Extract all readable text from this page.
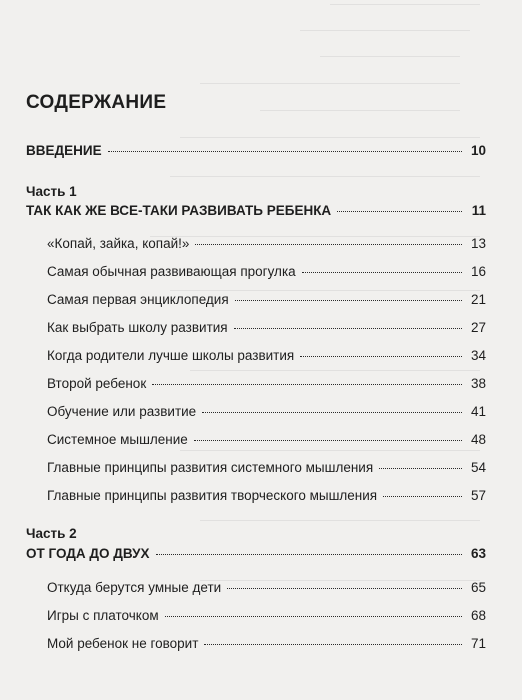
СОДЕРЖАНИЕ
ВВЕДЕНИЕ	10
Часть 1
ТАК КАК ЖЕ ВСЕ-ТАКИ РАЗВИВАТЬ РЕБЕНКА	11
«Копай, зайка, копай!»	13
Самая обычная развивающая прогулка	16
Самая первая энциклопедия	21
Как выбрать школу развития	27
Когда родители лучше школы развития	34
Второй ребенок	38
Обучение или развитие	41
Системное мышление	48
Главные принципы развития системного мышления	54
Главные принципы развития творческого мышления	57
Часть 2
ОТ ГОДА ДО ДВУХ	63
Откуда берутся умные дети	65
Игры с платочком	68
Мой ребенок не говорит	71
